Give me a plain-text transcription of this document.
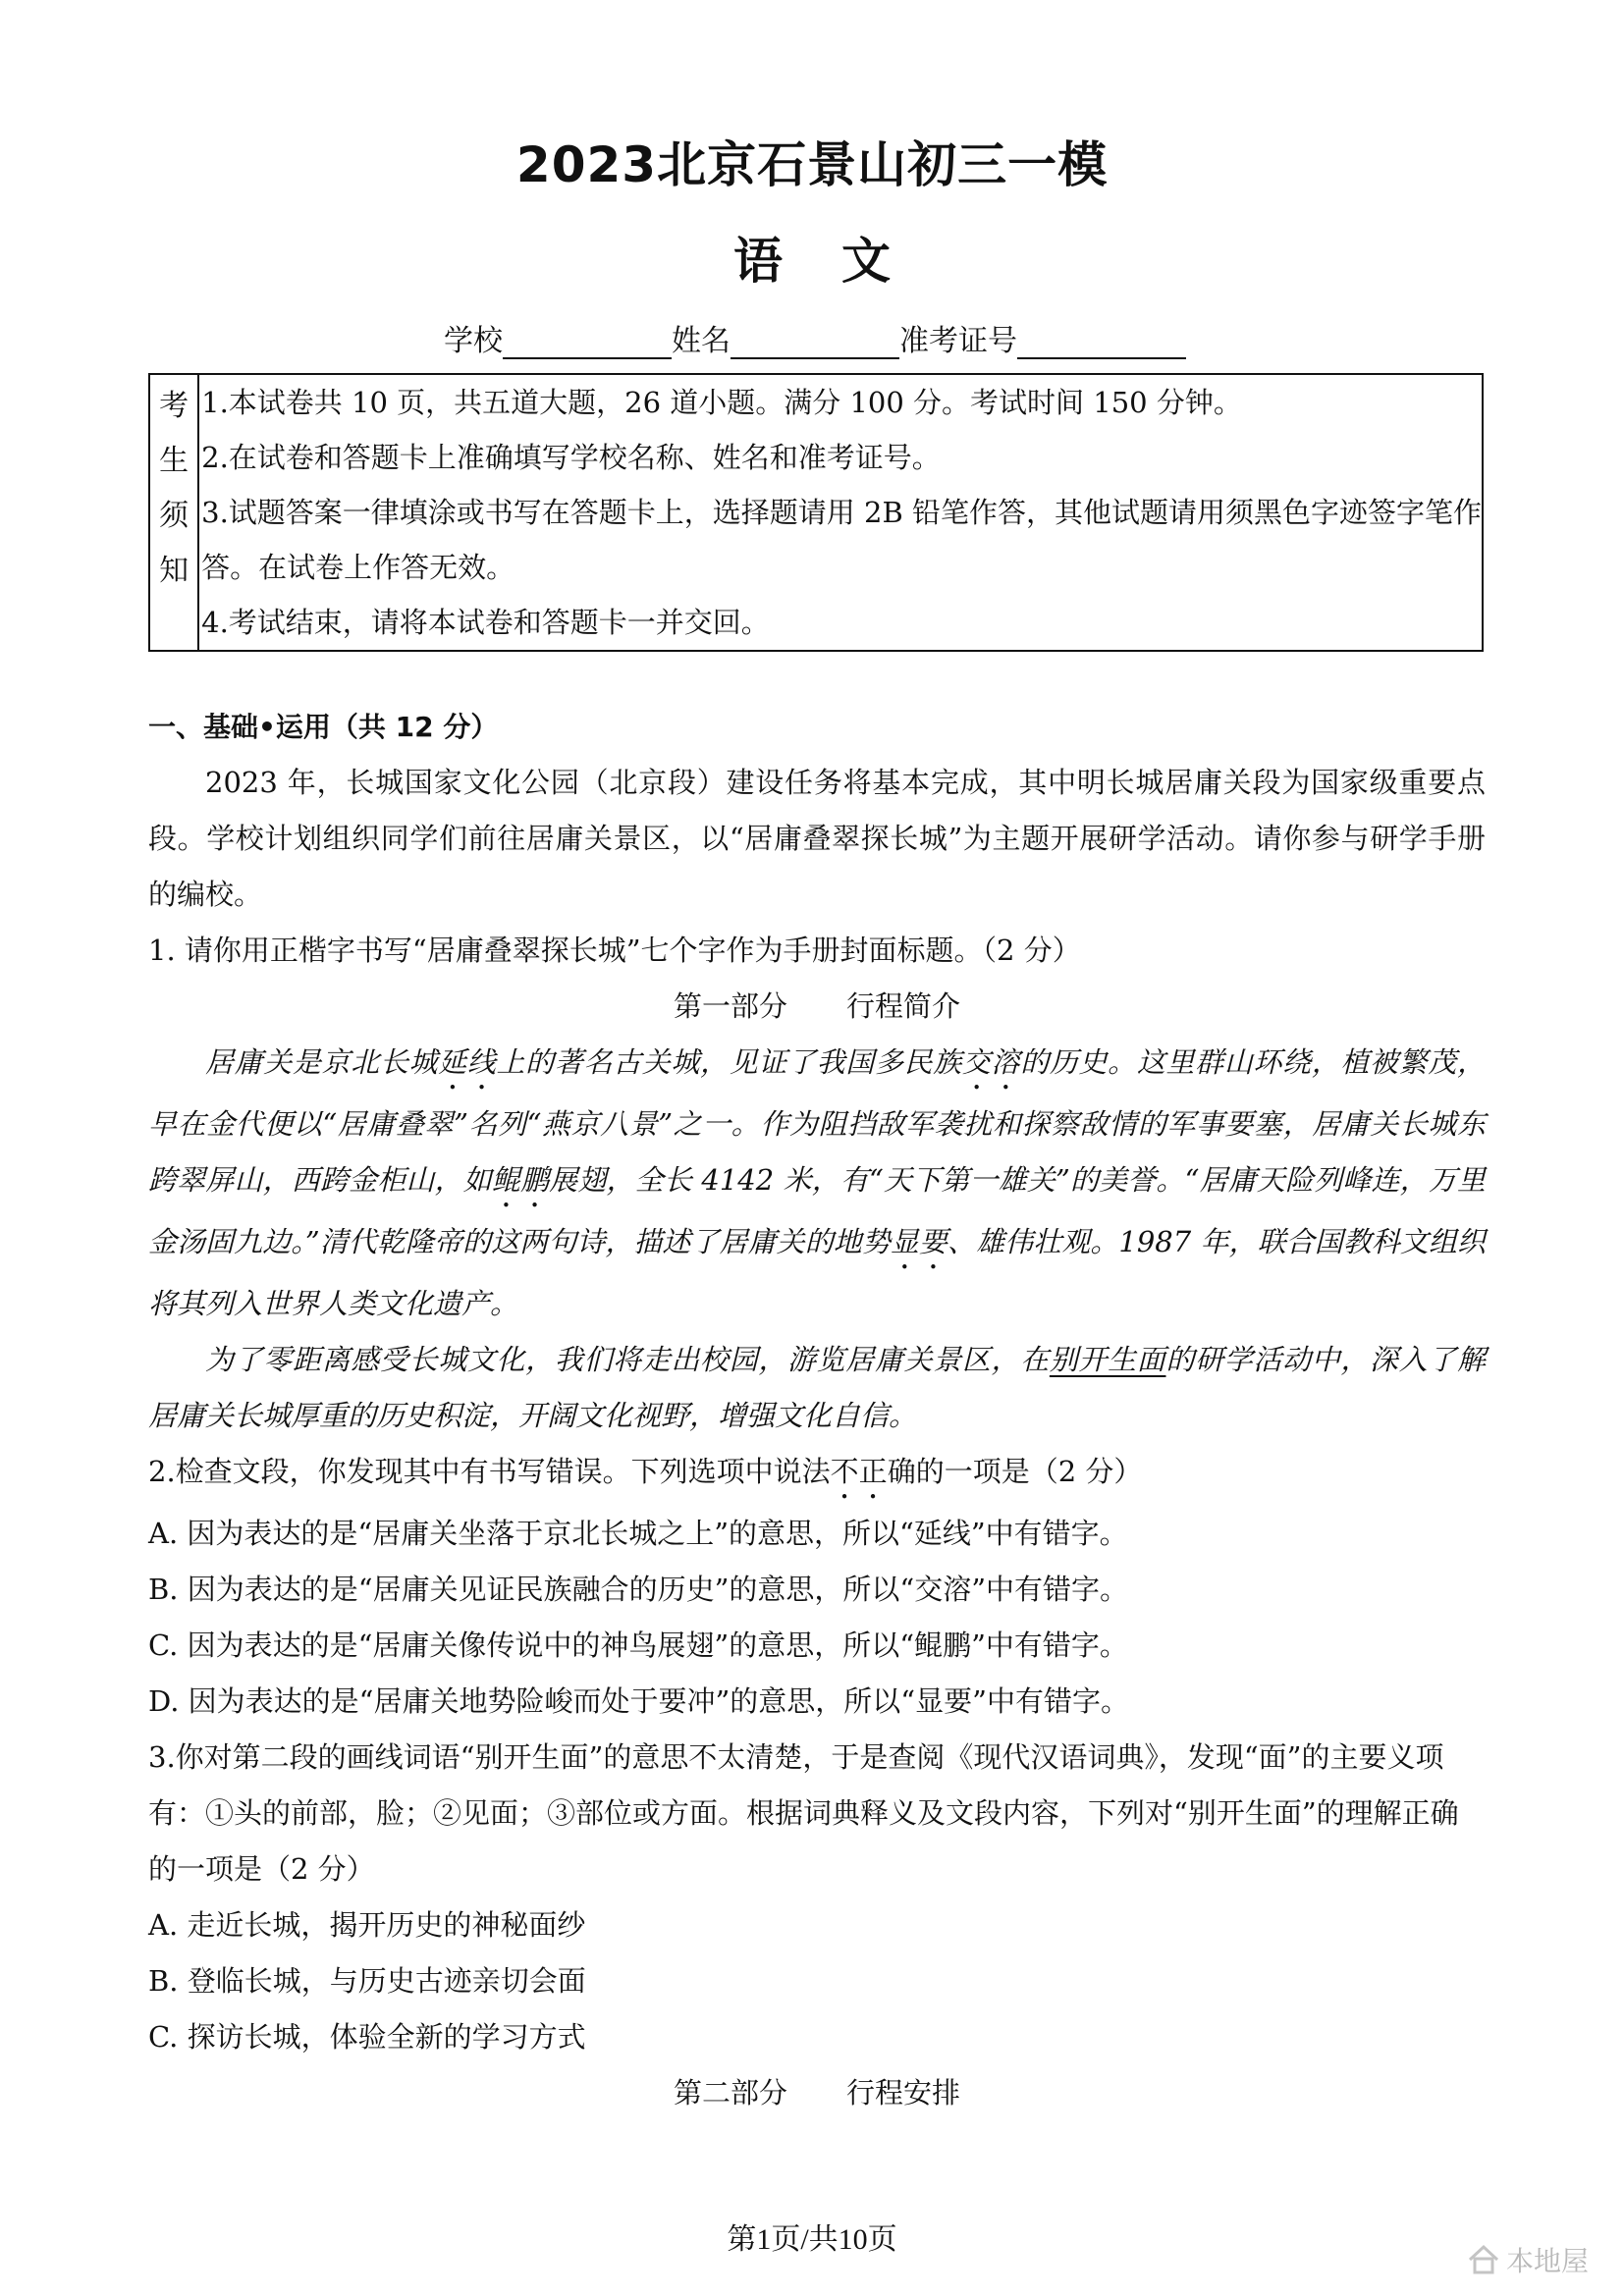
2023北京石景山初三一模
语文
学校	姓名	准考证号
考
生
须
知
1.本试卷共 10 页，共五道大题，26 道小题。满分 100 分。考试时间 150 分钟。
2.在试卷和答题卡上准确填写学校名称、姓名和准考证号。
3.试题答案一律填涂或书写在答题卡上，选择题请用 2B 铅笔作答，其他试题请用须黑色字迹签字笔作
答。在试卷上作答无效。
4.考试结束，请将本试卷和答题卡一并交回。

一、基础•运用（共 12 分）

2023 年，长城国家文化公园（北京段）建设任务将基本完成，其中明长城居庸关段为国家级重要点段。学校计划组织同学们前往居庸关景区，以“居庸叠翠探长城”为主题开展研学活动。请你参与研学手册的编校。

1. 请你用正楷字书写“居庸叠翠探长城”七个字作为手册封面标题。（2 分）

第一部分 行程简介

居庸关是京北长城延线上的著名古关城，见证了我国多民族交溶的历史。这里群山环绕，植被繁茂，早在金代便以“居庸叠翠”名列“燕京八景”之一。作为阻挡敌军袭扰和探察敌情的军事要塞，居庸关长城东跨翠屏山，西跨金柜山，如鲲鹏展翅，全长 4142 米，有“天下第一雄关”的美誉。“居庸天险列峰连，万里金汤固九边。”清代乾隆帝的这两句诗，描述了居庸关的地势显要、雄伟壮观。1987 年，联合国教科文组织将其列入世界人类文化遗产。

为了零距离感受长城文化，我们将走出校园，游览居庸关景区，在别开生面的研学活动中，深入了解居庸关长城厚重的历史积淀，开阔文化视野，增强文化自信。

2.检查文段，你发现其中有书写错误。下列选项中说法不正确的一项是（2 分）

A. 因为表达的是“居庸关坐落于京北长城之上”的意思，所以“延线”中有错字。

B. 因为表达的是“居庸关见证民族融合的历史”的意思，所以“交溶”中有错字。

C. 因为表达的是“居庸关像传说中的神鸟展翅”的意思，所以“鲲鹏”中有错字。

D. 因为表达的是“居庸关地势险峻而处于要冲”的意思，所以“显要”中有错字。

3.你对第二段的画线词语“别开生面”的意思不太清楚，于是查阅《现代汉语词典》，发现“面”的主要义项有：①头的前部，脸；②见面；③部位或方面。根据词典释义及文段内容，下列对“别开生面”的理解正确的一项是（2 分）

A. 走近长城，揭开历史的神秘面纱

B. 登临长城，与历史古迹亲切会面

C. 探访长城，体验全新的学习方式

第二部分 行程安排

第1页/共10页
本地屋
